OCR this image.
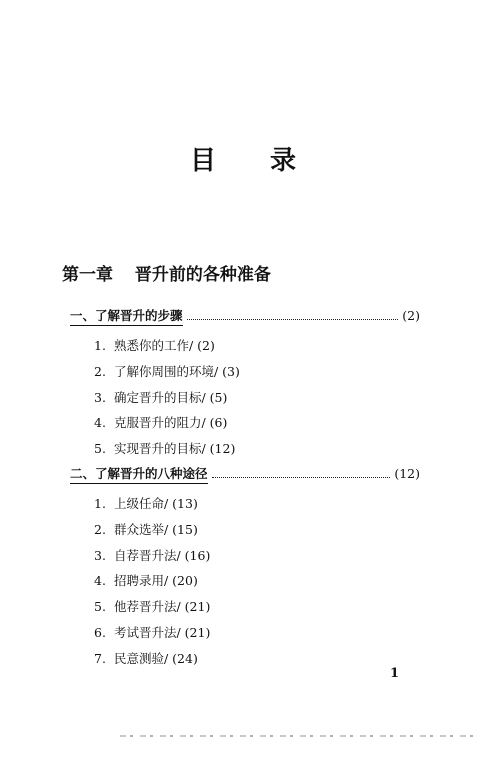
目录
第一章 晋升前的各种准备
一、了解晋升的步骤	(2)
1. 熟悉你的工作/ (2)
2. 了解你周围的环境/ (3)
3. 确定晋升的目标/ (5)
4. 克服晋升的阻力/ (6)
5. 实现晋升的目标/ (12)
二、了解晋升的八种途径	(12)
1. 上级任命/ (13)
2. 群众选举/ (15)
3. 自荐晋升法/ (16)
4. 招聘录用/ (20)
5. 他荐晋升法/ (21)
6. 考试晋升法/ (21)
7. 民意测验/ (24)
1
